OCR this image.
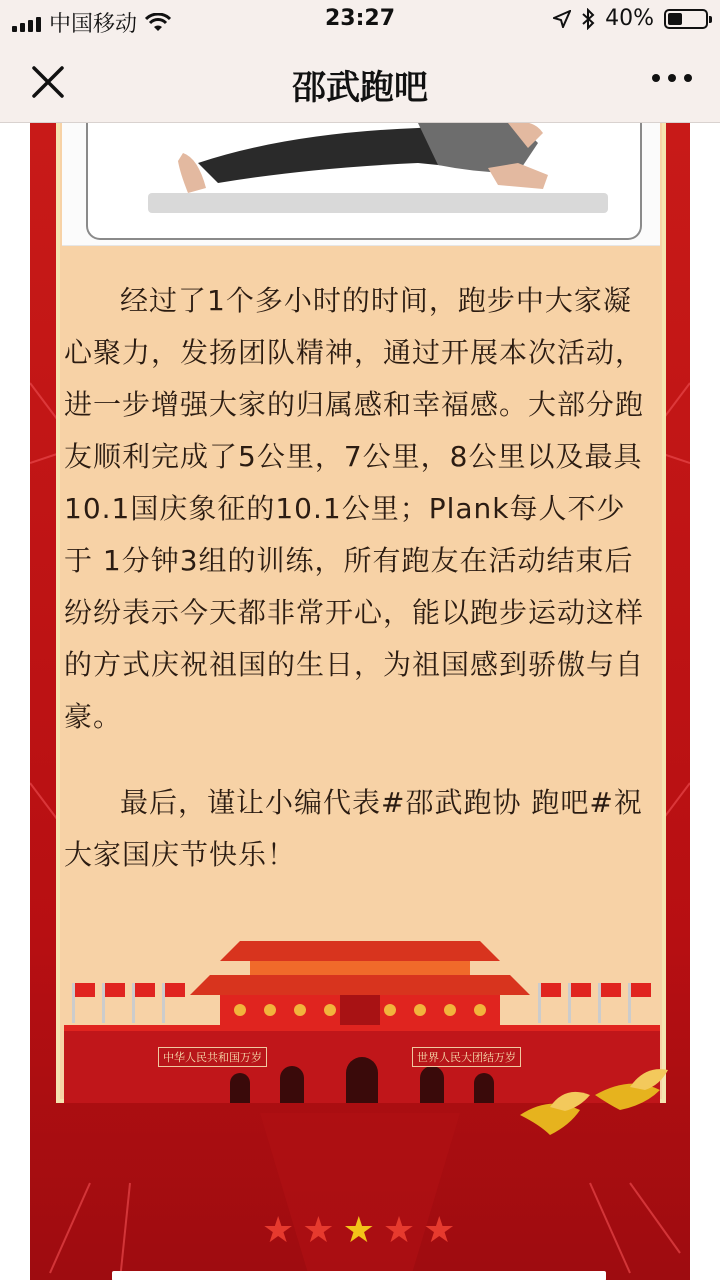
中国移动	23:27	40%
邵武跑吧

经过了1个多小时的时间，跑步中大家凝心聚力，发扬团队精神，通过开展本次活动，进一步增强大家的归属感和幸福感。大部分跑友顺利完成了5公里，7公里，8公里以及最具10.1国庆象征的10.1公里；Plank每人不少于 1分钟3组的训练，所有跑友在活动结束后纷纷表示今天都非常开心，能以跑步运动这样的方式庆祝祖国的生日，为祖国感到骄傲与自豪。

最后，谨让小编代表#邵武跑协 跑吧#祝大家国庆节快乐！

中华人民共和国万岁	世界人民大团结万岁
★ ★ ★ ★ ★
